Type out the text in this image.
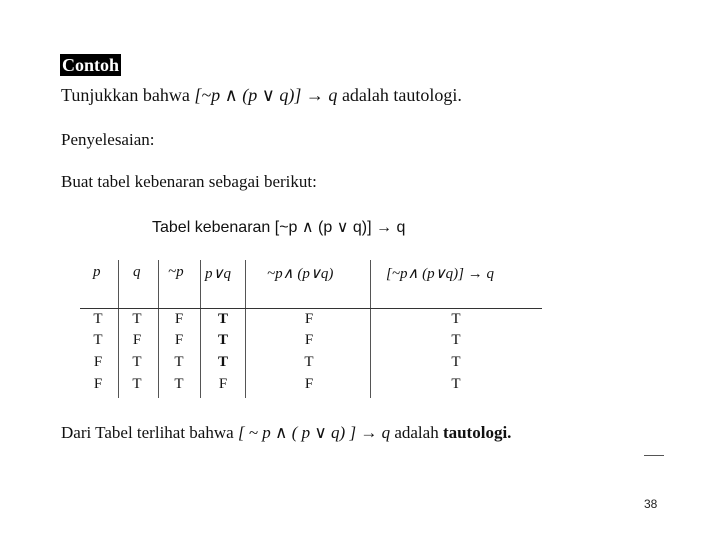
Contoh
Tunjukkan bahwa [~p ∧ (p ∨ q)] → q adalah tautologi.
Penyelesaian:
Buat tabel kebenaran sebagai berikut:
Tabel kebenaran [~p ∧ (p ∨ q)] → q
p q ~p p∨q ~p∧ (p∨q)	[~p∧ (p∨q)] → q
T
T
F
F
T
F
T
T
F
F
T
T
T
T
T
F
F
F
T
F
T
T
T
T
Dari Tabel terlihat bahwa [ ~ p ∧ ( p ∨ q) ] → q adalah tautologi.
38
